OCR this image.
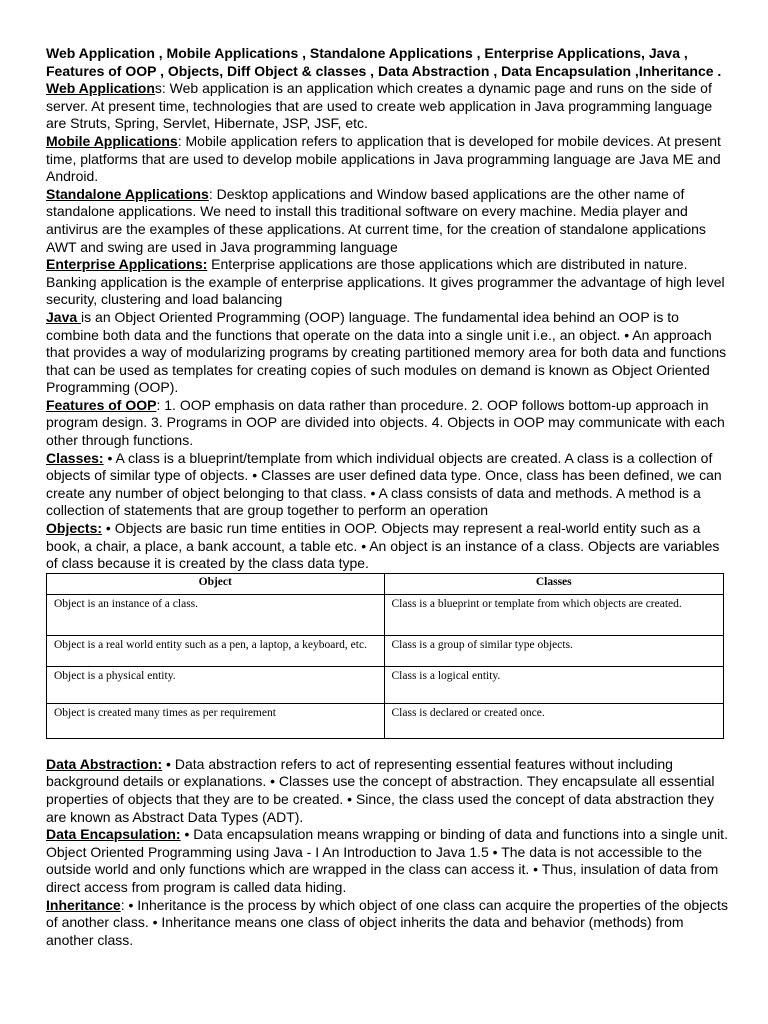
Web Application , Mobile Applications , Standalone Applications , Enterprise Applications, Java , Features of OOP , Objects, Diff Object & classes , Data Abstraction , Data Encapsulation ,Inheritance .

Web Applications: Web application is an application which creates a dynamic page and runs on the side of server. At present time, technologies that are used to create web application in Java programming language are Struts, Spring, Servlet, Hibernate, JSP, JSF, etc.

Mobile Applications: Mobile application refers to application that is developed for mobile devices. At present time, platforms that are used to develop mobile applications in Java programming language are Java ME and Android.

Standalone Applications: Desktop applications and Window based applications are the other name of standalone applications. We need to install this traditional software on every machine. Media player and antivirus are the examples of these applications. At current time, for the creation of standalone applications AWT and swing are used in Java programming language

Enterprise Applications: Enterprise applications are those applications which are distributed in nature. Banking application is the example of enterprise applications. It gives programmer the advantage of high level security, clustering and load balancing

Java is an Object Oriented Programming (OOP) language. The fundamental idea behind an OOP is to combine both data and the functions that operate on the data into a single unit i.e., an object. • An approach that provides a way of modularizing programs by creating partitioned memory area for both data and functions that can be used as templates for creating copies of such modules on demand is known as Object Oriented Programming (OOP).

Features of OOP: 1. OOP emphasis on data rather than procedure. 2. OOP follows bottom-up approach in program design. 3. Programs in OOP are divided into objects. 4. Objects in OOP may communicate with each other through functions.

Classes: • A class is a blueprint/template from which individual objects are created. A class is a collection of objects of similar type of objects. • Classes are user defined data type. Once, class has been defined, we can create any number of object belonging to that class. • A class consists of data and methods. A method is a collection of statements that are group together to perform an operation

Objects: • Objects are basic run time entities in OOP. Objects may represent a real-world entity such as a book, a chair, a place, a bank account, a table etc. • An object is an instance of a class. Objects are variables of class because it is created by the class data type.

Object	Classes
Object is an instance of a class.	Class is a blueprint or template from which objects are created.
Object is a real world entity such as a pen, a laptop, a keyboard, etc.	Class is a group of similar type objects.
Object is a physical entity.	Class is a logical entity.
Object is created many times as per requirement	Class is declared or created once.

Data Abstraction: • Data abstraction refers to act of representing essential features without including background details or explanations. • Classes use the concept of abstraction. They encapsulate all essential properties of objects that they are to be created. • Since, the class used the concept of data abstraction they are known as Abstract Data Types (ADT).

Data Encapsulation: • Data encapsulation means wrapping or binding of data and functions into a single unit. Object Oriented Programming using Java - I An Introduction to Java 1.5 • The data is not accessible to the outside world and only functions which are wrapped in the class can access it. • Thus, insulation of data from direct access from program is called data hiding.

Inheritance: • Inheritance is the process by which object of one class can acquire the properties of the objects of another class. • Inheritance means one class of object inherits the data and behavior (methods) from another class.
